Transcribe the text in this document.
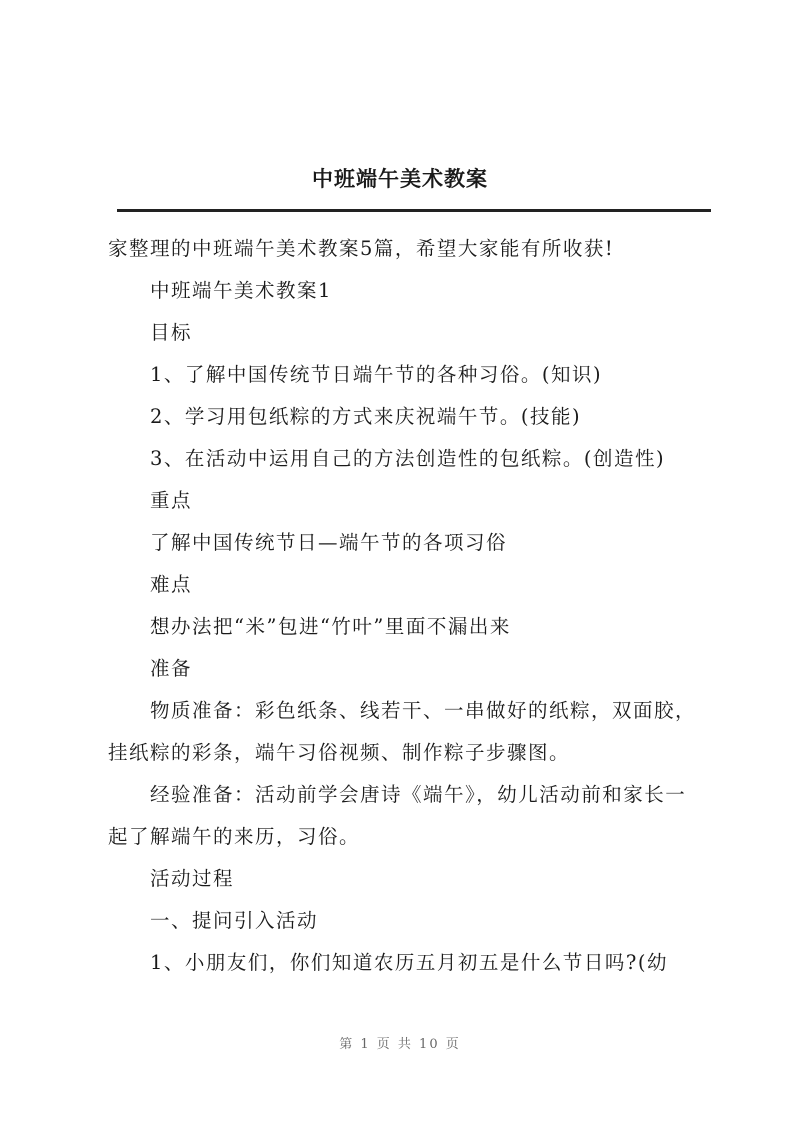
中班端午美术教案
家整理的中班端午美术教案5篇，希望大家能有所收获!
中班端午美术教案1
目标
1、了解中国传统节日端午节的各种习俗。(知识)
2、学习用包纸粽的方式来庆祝端午节。(技能)
3、在活动中运用自己的方法创造性的包纸粽。(创造性)
重点
了解中国传统节日—端午节的各项习俗
难点
想办法把“米”包进“竹叶”里面不漏出来
准备
物质准备：彩色纸条、线若干、一串做好的纸粽，双面胶，
挂纸粽的彩条，端午习俗视频、制作粽子步骤图。
经验准备：活动前学会唐诗《端午》，幼儿活动前和家长一
起了解端午的来历，习俗。
活动过程
一、提问引入活动
1、小朋友们，你们知道农历五月初五是什么节日吗?(幼
第 1 页 共 10 页
